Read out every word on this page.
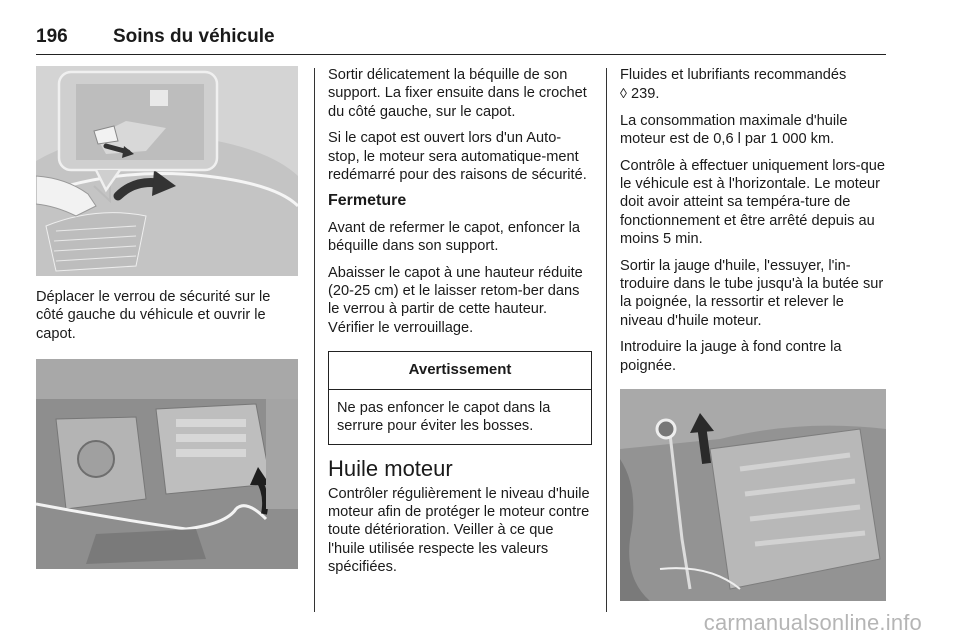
196 Soins du véhicule

Déplacer le verrou de sécurité sur le côté gauche du véhicule et ouvrir le capot.

Sortir délicatement la béquille de son support. La fixer ensuite dans le crochet du côté gauche, sur le capot.

Si le capot est ouvert lors d'un Auto-stop, le moteur sera automatique-ment redémarré pour des raisons de sécurité.

Fermeture

Avant de refermer le capot, enfoncer la béquille dans son support.

Abaisser le capot à une hauteur réduite (20-25 cm) et le laisser retom-ber dans le verrou à partir de cette hauteur. Vérifier le verrouillage.

Avertissement
Ne pas enfoncer le capot dans la serrure pour éviter les bosses.
Huile moteur

Contrôler régulièrement le niveau d'huile moteur afin de protéger le moteur contre toute détérioration. Veiller à ce que l'huile utilisée respecte les valeurs spécifiées.

Fluides et lubrifiants recommandés
◊ 239.

La consommation maximale d'huile moteur est de 0,6 l par 1 000 km.

Contrôle à effectuer uniquement lors-que le véhicule est à l'horizontale. Le moteur doit avoir atteint sa tempéra-ture de fonctionnement et être arrêté depuis au moins 5 min.

Sortir la jauge d'huile, l'essuyer, l'in-troduire dans le tube jusqu'à la butée sur la poignée, la ressortir et relever le niveau d'huile moteur.

Introduire la jauge à fond contre la poignée.

carmanualsonline.info
